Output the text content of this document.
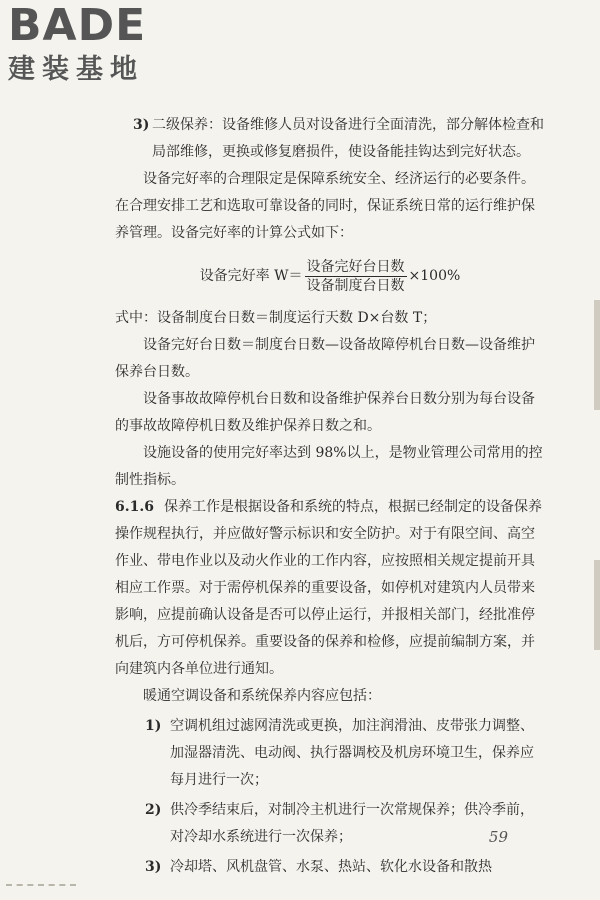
BADE
建装基地

3) 二级保养：设备维修人员对设备进行全面清洗，部分解体检查和局部维修，更换或修复磨损件，使设备能挂钩达到完好状态。

设备完好率的合理限定是保障系统安全、经济运行的必要条件。在合理安排工艺和选取可靠设备的同时，保证系统日常的运行维护保养管理。设备完好率的计算公式如下：

设备完好率 $W= \frac{\text{设备完好台日数}}{\text{设备制度台日数}} \times 100\%$

式中：设备制度台日数＝制度运行天数 D×台数 T；

设备完好台日数＝制度台日数—设备故障停机台日数—设备维护保养台日数。

设备事故故障停机台日数和设备维护保养台日数分别为每台设备的事故故障停机日数及维护保养日数之和。

设施设备的使用完好率达到 98%以上，是物业管理公司常用的控制性指标。

6.1.6 保养工作是根据设备和系统的特点，根据已经制定的设备保养操作规程执行，并应做好警示标识和安全防护。对于有限空间、高空作业、带电作业以及动火作业的工作内容，应按照相关规定提前开具相应工作票。对于需停机保养的重要设备，如停机对建筑内人员带来影响，应提前确认设备是否可以停止运行，并报相关部门，经批准停机后，方可停机保养。重要设备的保养和检修，应提前编制方案，并向建筑内各单位进行通知。

暖通空调设备和系统保养内容应包括：

1) 空调机组过滤网清洗或更换，加注润滑油、皮带张力调整、加湿器清洗、电动阀、执行器调校及机房环境卫生，保养应每月进行一次；

2) 供冷季结束后，对制冷主机进行一次常规保养；供冷季前，对冷却水系统进行一次保养；

3) 冷却塔、风机盘管、水泵、热站、软化水设备和散热

59
